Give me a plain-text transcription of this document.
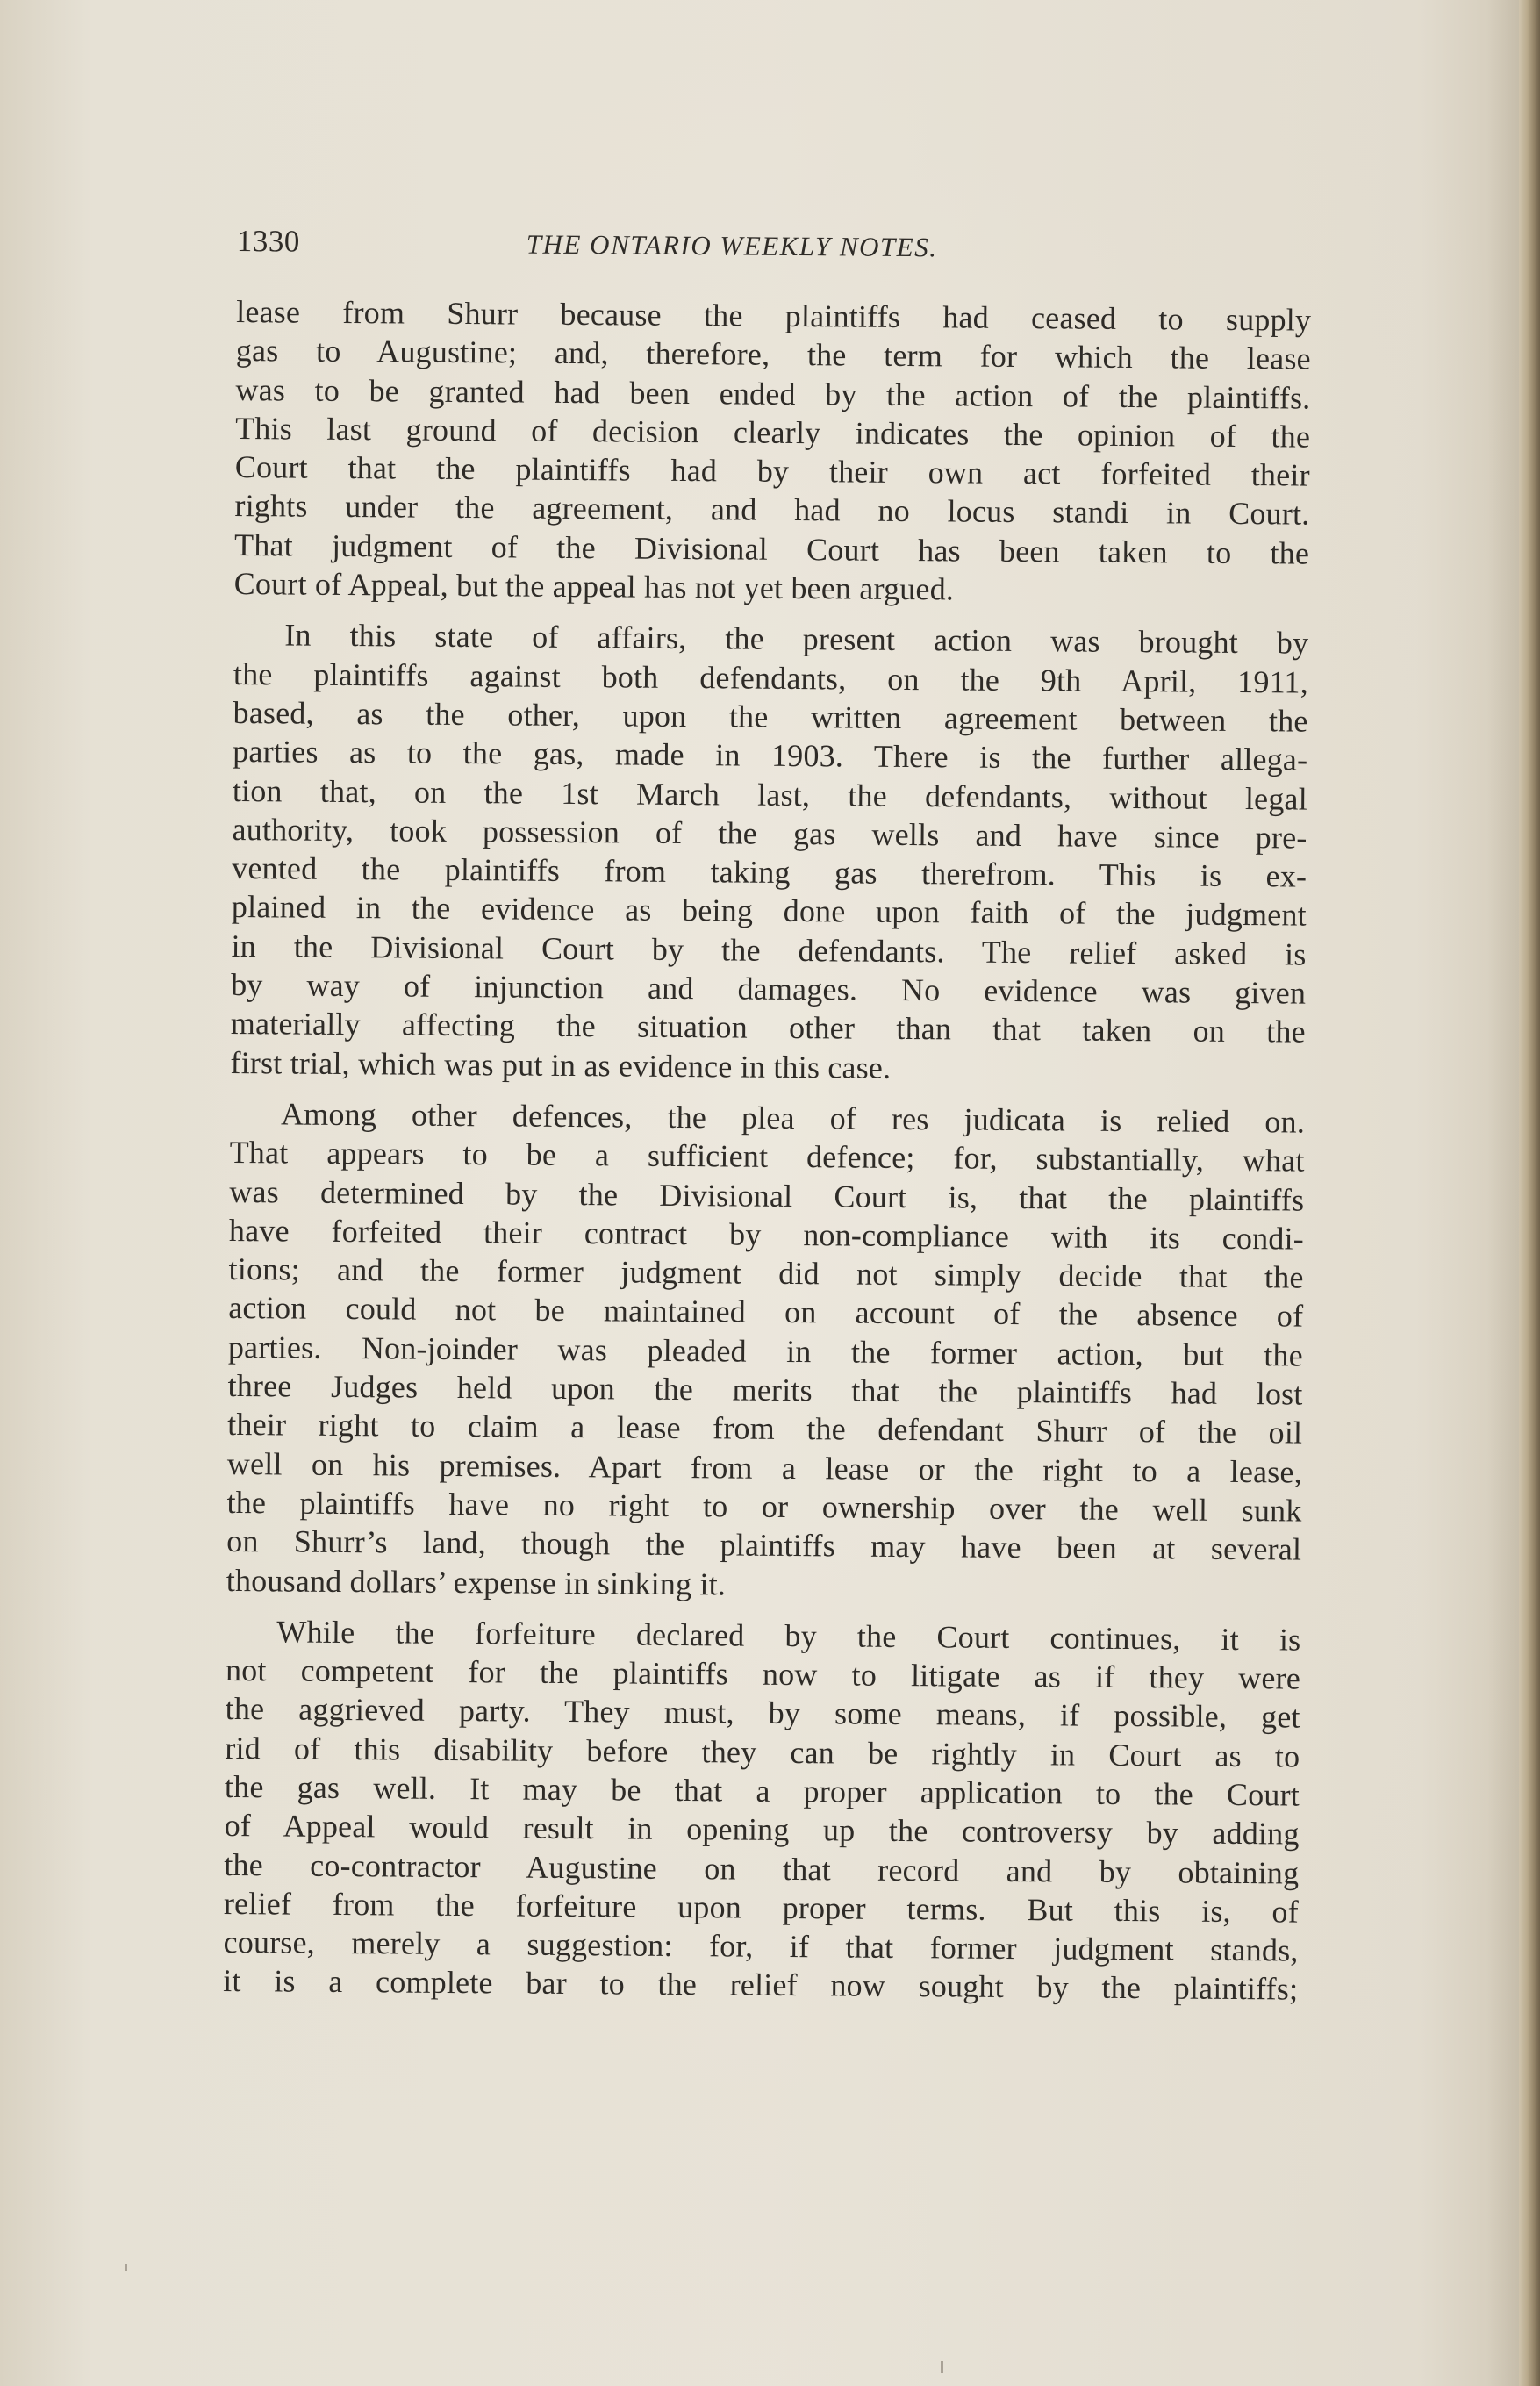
1330	THE ONTARIO WEEKLY NOTES.
lease from Shurr because the plaintiffs had ceased to supply
gas to Augustine; and, therefore, the term for which the lease
was to be granted had been ended by the action of the plaintiffs.
This last ground of decision clearly indicates the opinion of the
Court that the plaintiffs had by their own act forfeited their
rights under the agreement, and had no locus standi in Court.
That judgment of the Divisional Court has been taken to the
Court of Appeal, but the appeal has not yet been argued.
In this state of affairs, the present action was brought by
the plaintiffs against both defendants, on the 9th April, 1911,
based, as the other, upon the written agreement between the
parties as to the gas, made in 1903. There is the further allega-
tion that, on the 1st March last, the defendants, without legal
authority, took possession of the gas wells and have since pre-
vented the plaintiffs from taking gas therefrom. This is ex-
plained in the evidence as being done upon faith of the judgment
in the Divisional Court by the defendants. The relief asked is
by way of injunction and damages. No evidence was given
materially affecting the situation other than that taken on the
first trial, which was put in as evidence in this case.
Among other defences, the plea of res judicata is relied on.
That appears to be a sufficient defence; for, substantially, what
was determined by the Divisional Court is, that the plaintiffs
have forfeited their contract by non-compliance with its condi-
tions; and the former judgment did not simply decide that the
action could not be maintained on account of the absence of
parties. Non-joinder was pleaded in the former action, but the
three Judges held upon the merits that the plaintiffs had lost
their right to claim a lease from the defendant Shurr of the oil
well on his premises. Apart from a lease or the right to a lease,
the plaintiffs have no right to or ownership over the well sunk
on Shurr’s land, though the plaintiffs may have been at several
thousand dollars’ expense in sinking it.
While the forfeiture declared by the Court continues, it is
not competent for the plaintiffs now to litigate as if they were
the aggrieved party. They must, by some means, if possible, get
rid of this disability before they can be rightly in Court as to
the gas well. It may be that a proper application to the Court
of Appeal would result in opening up the controversy by adding
the co-contractor Augustine on that record and by obtaining
relief from the forfeiture upon proper terms. But this is, of
course, merely a suggestion: for, if that former judgment stands,
it is a complete bar to the relief now sought by the plaintiffs;
